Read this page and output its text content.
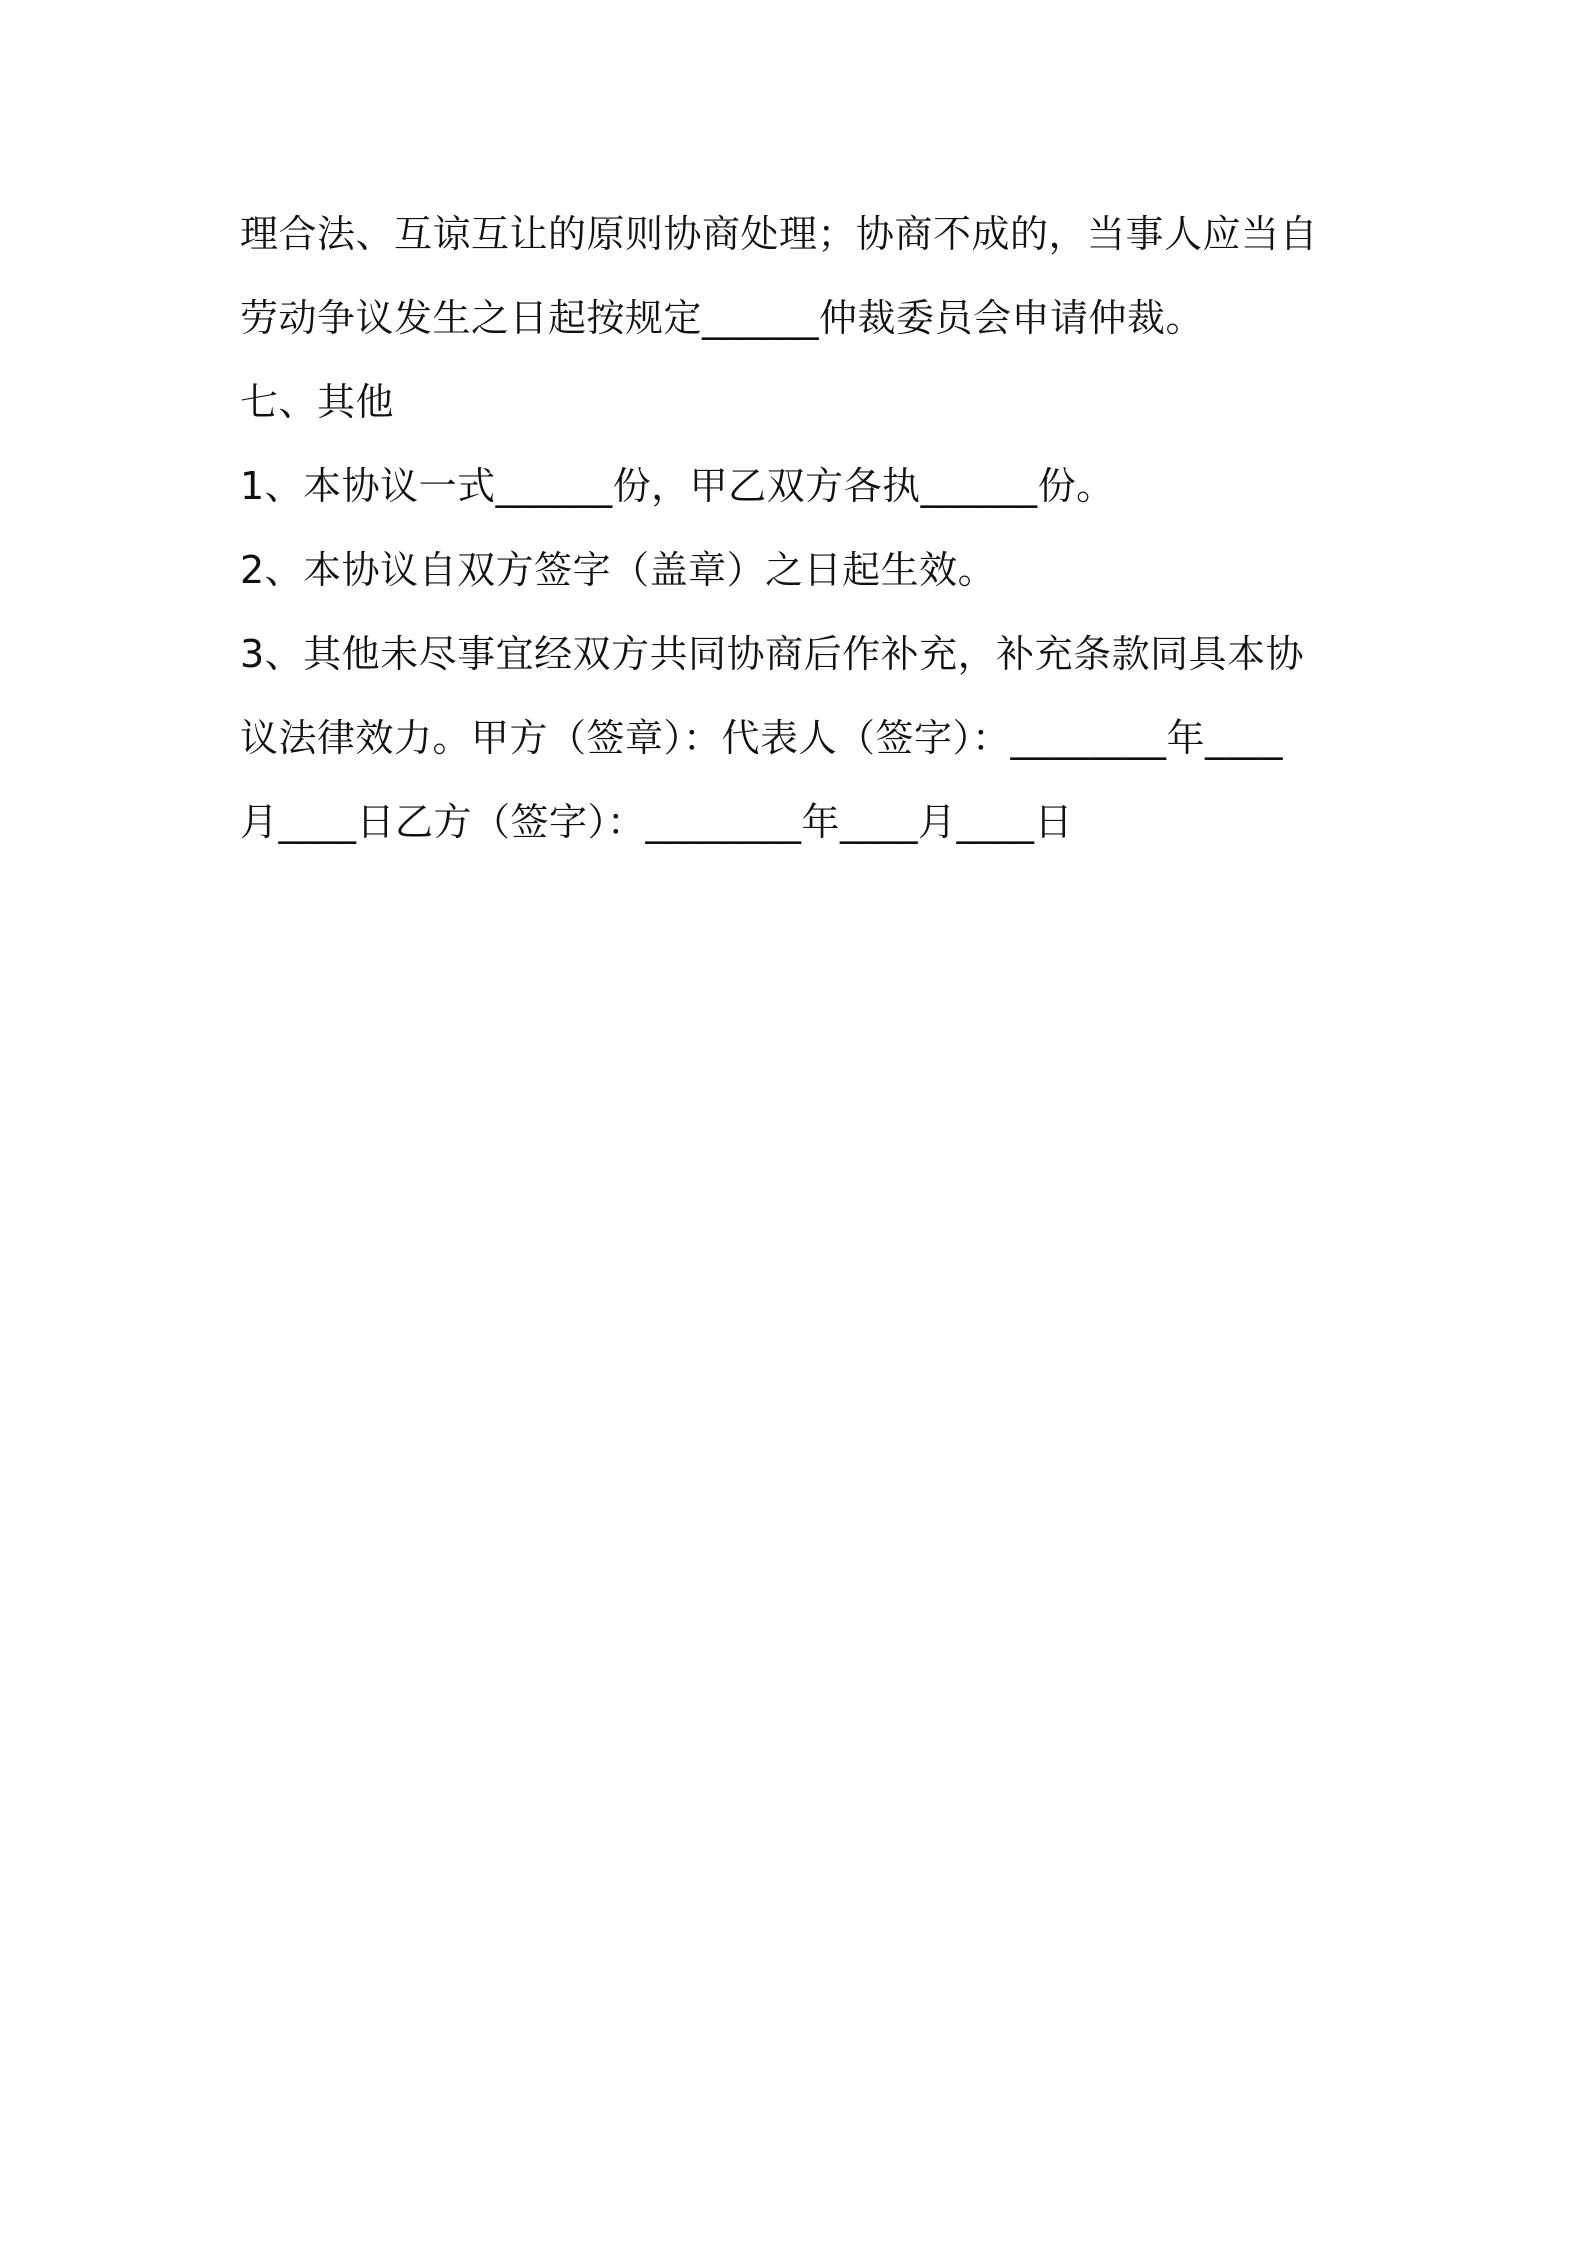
理合法、互谅互让的原则协商处理；协商不成的，当事人应当自
劳动争议发生之日起按规定______仲裁委员会申请仲裁。
七、其他
1、本协议一式______份，甲乙双方各执______份。
2、本协议自双方签字（盖章）之日起生效。
3、其他未尽事宜经双方共同协商后作补充，补充条款同具本协
议法律效力。甲方（签章）：代表人（签字）：________年____
月____日乙方（签字）：________年____月____日
